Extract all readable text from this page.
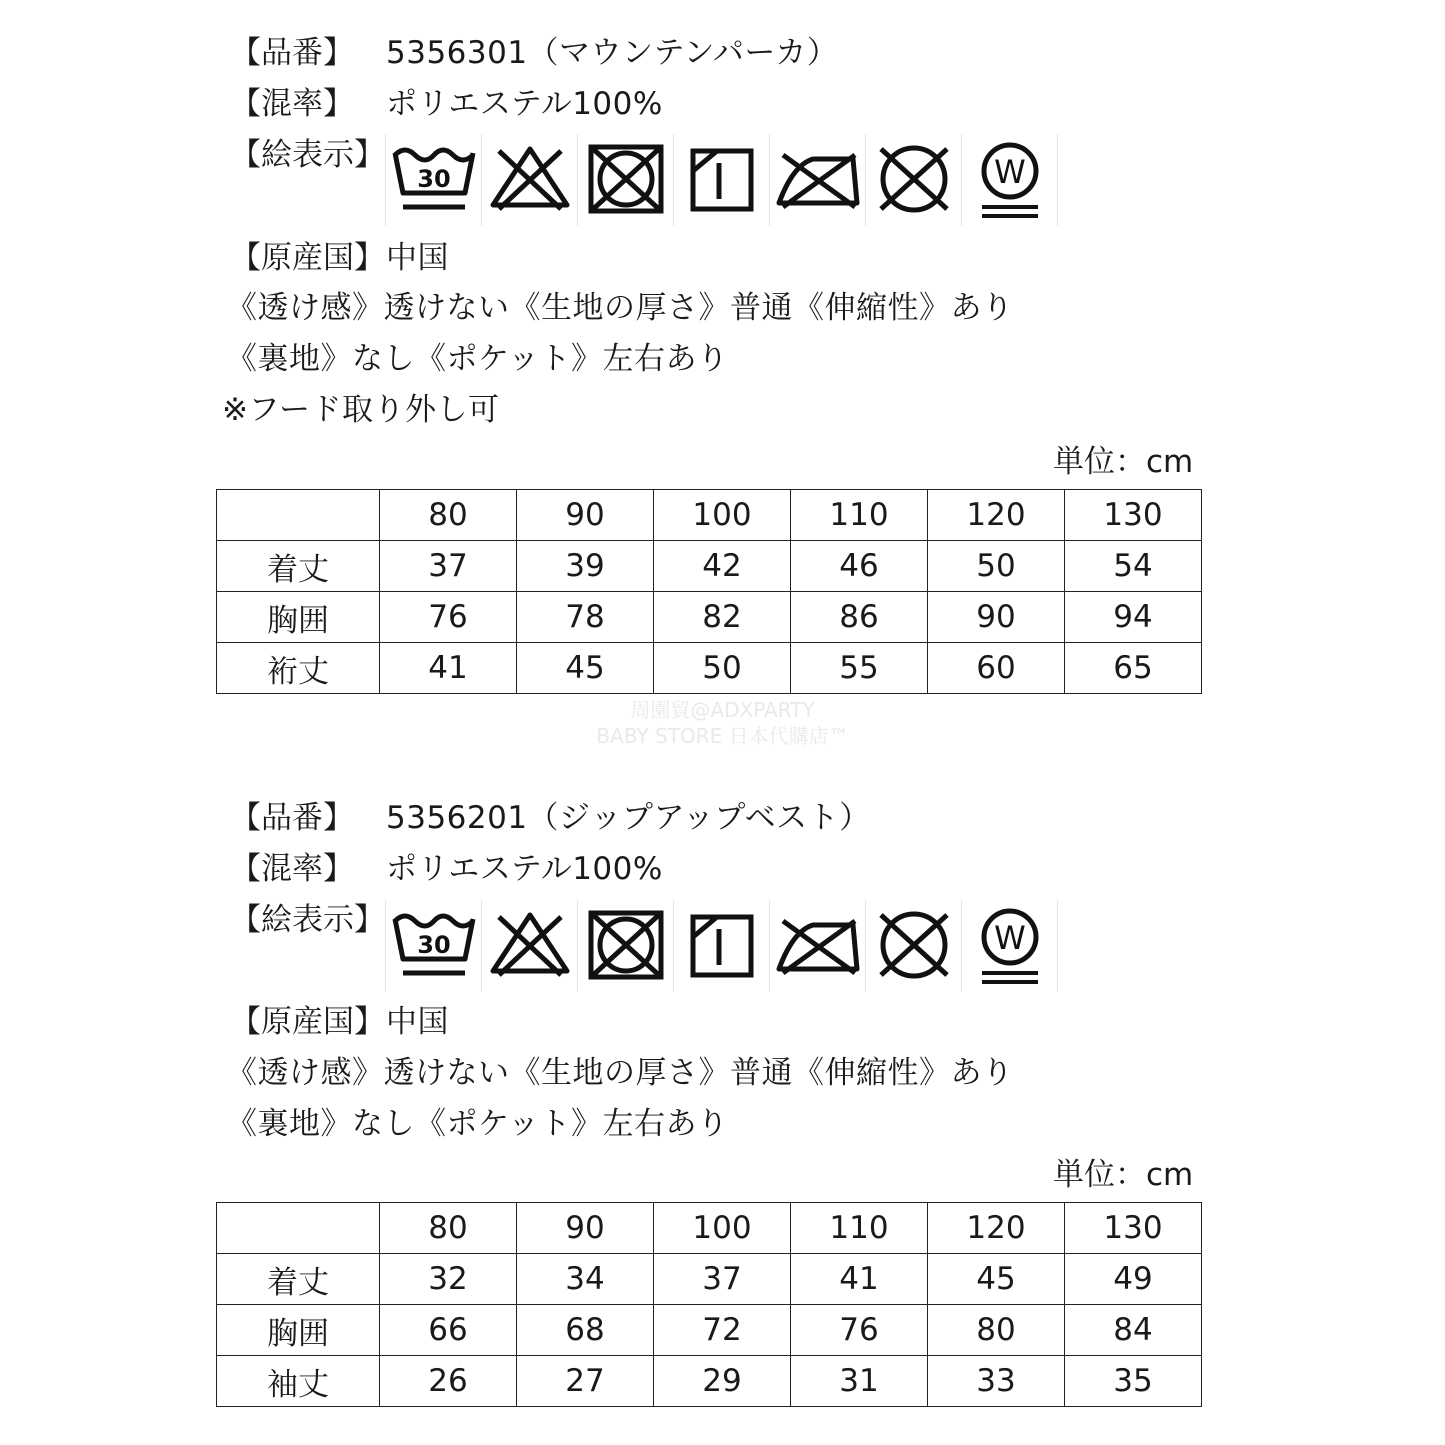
【品番】 5356301（マウンテンパーカ）
【混率】 ポリエステル100%
【絵表示】
30	W
【原産国】 中国
《透け感》透けない《生地の厚さ》普通《伸縮性》あり
《裏地》なし《ポケット》左右あり
※フード取り外し可
単位：cm
	80	90	100	110	120	130
着丈	37	39	42	46	50	54
胸囲	76	78	82	86	90	94
裄丈	41	45	50	55	60	65
周園貿@ADXPARTY
BABY STORE 日本代購店™
【品番】 5356201（ジップアップベスト）
【混率】 ポリエステル100%
【絵表示】
30	W
【原産国】 中国
《透け感》透けない《生地の厚さ》普通《伸縮性》あり
《裏地》なし《ポケット》左右あり
単位：cm
	80	90	100	110	120	130
着丈	32	34	37	41	45	49
胸囲	66	68	72	76	80	84
袖丈	26	27	29	31	33	35
